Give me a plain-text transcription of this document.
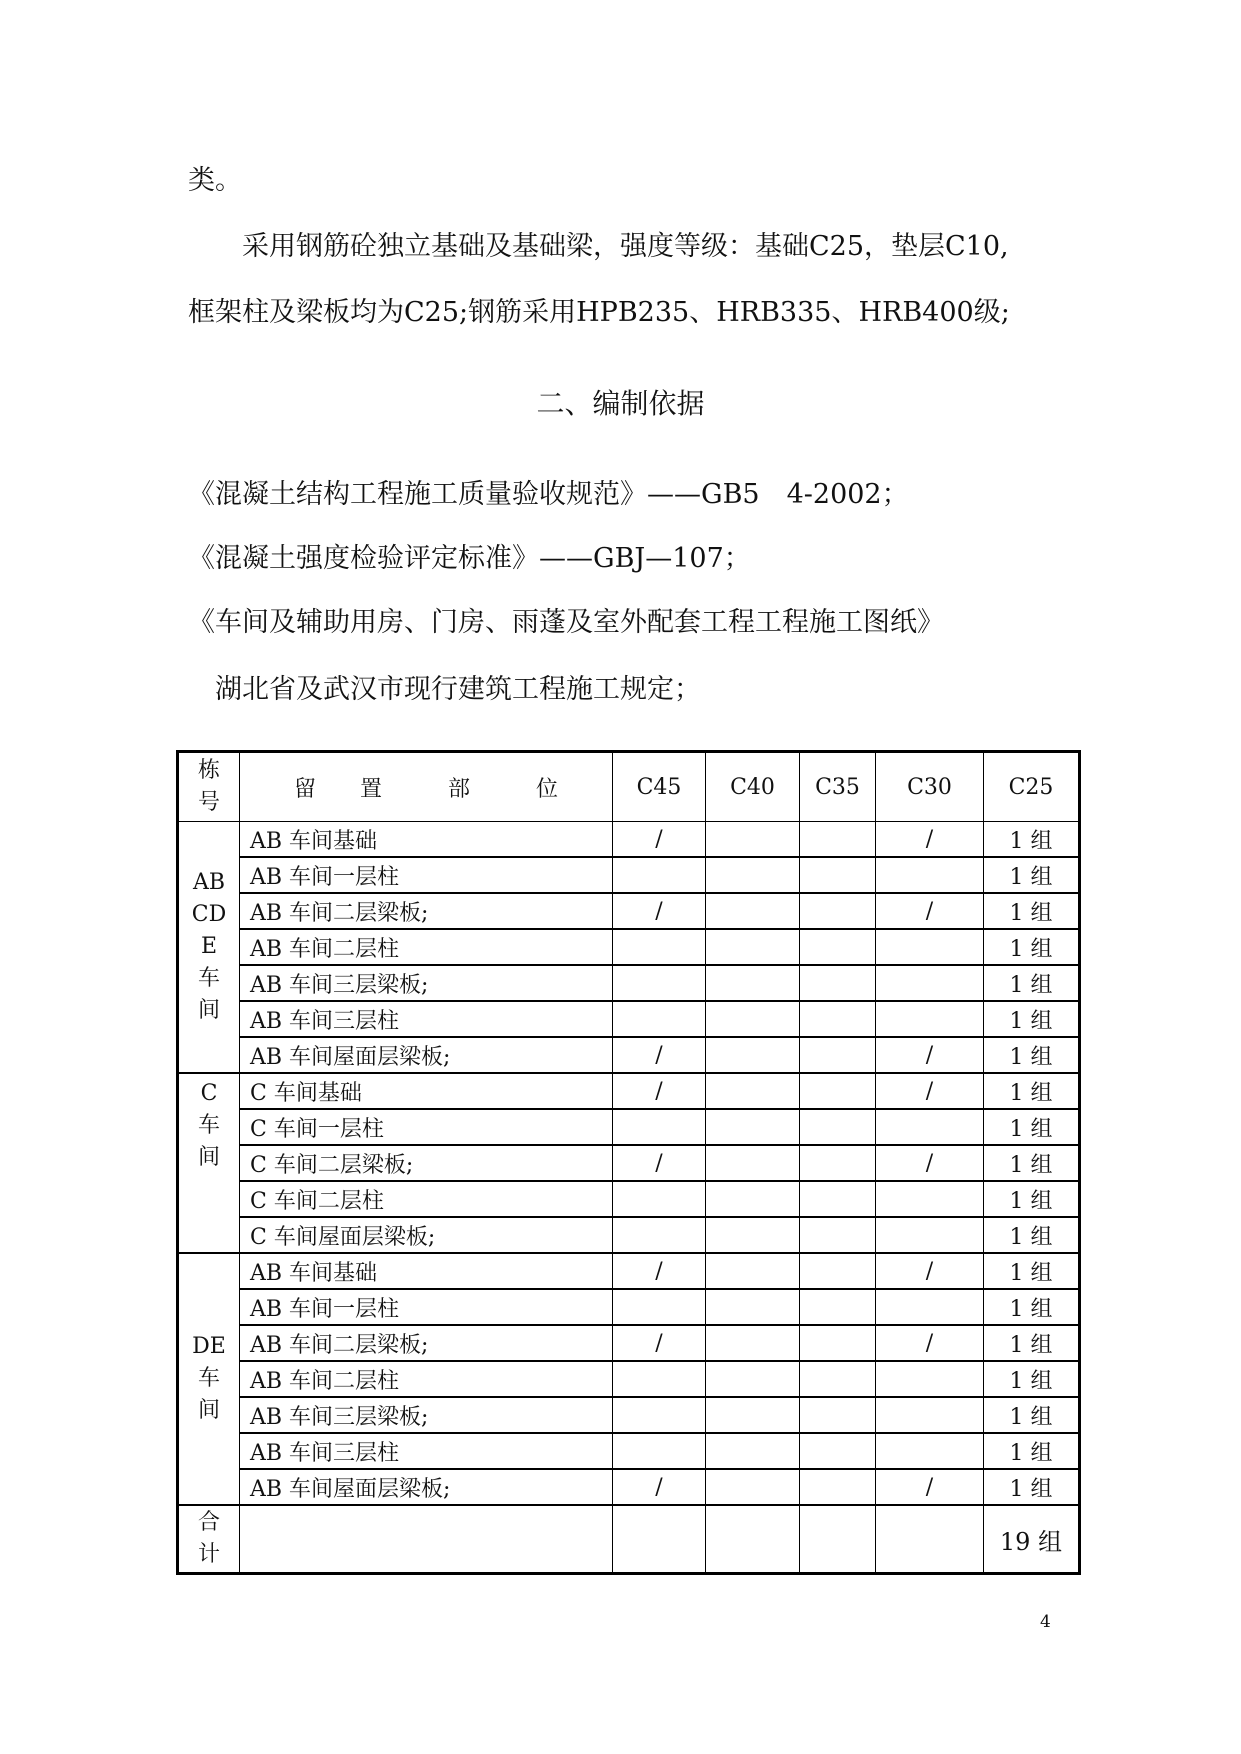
类。
采用钢筋砼独立基础及基础梁，强度等级：基础C25，垫层C10,
框架柱及梁板均为C25;钢筋采用HPB235、HRB335、HRB400级;
二、编制依据
《混凝土结构工程施工质量验收规范》——GB5　4-2002；
《混凝土强度检验评定标准》——GBJ—107；
《车间及辅助用房、门房、雨蓬及室外配套工程工程施工图纸》
湖北省及武汉市现行建筑工程施工规定；
栋
号	留　　置　　　部　　　位	C45	C40	C35	C30	C25
AB
CD
E
车
间	AB 车间基础	/			/	1 组
	AB 车间一层柱					1 组
	AB 车间二层梁板;	/			/	1 组
	AB 车间二层柱					1 组
	AB 车间三层梁板;					1 组
	AB 车间三层柱					1 组
	AB 车间屋面层梁板;	/			/	1 组
C
车
间	C 车间基础	/			/	1 组
	C 车间一层柱					1 组
	C 车间二层梁板;	/			/	1 组
	C 车间二层柱					1 组
	C 车间屋面层梁板;					1 组
DE
车
间	AB 车间基础	/			/	1 组
	AB 车间一层柱					1 组
	AB 车间二层梁板;	/			/	1 组
	AB 车间二层柱					1 组
	AB 车间三层梁板;					1 组
	AB 车间三层柱					1 组
	AB 车间屋面层梁板;	/			/	1 组
合
计						19 组
4
